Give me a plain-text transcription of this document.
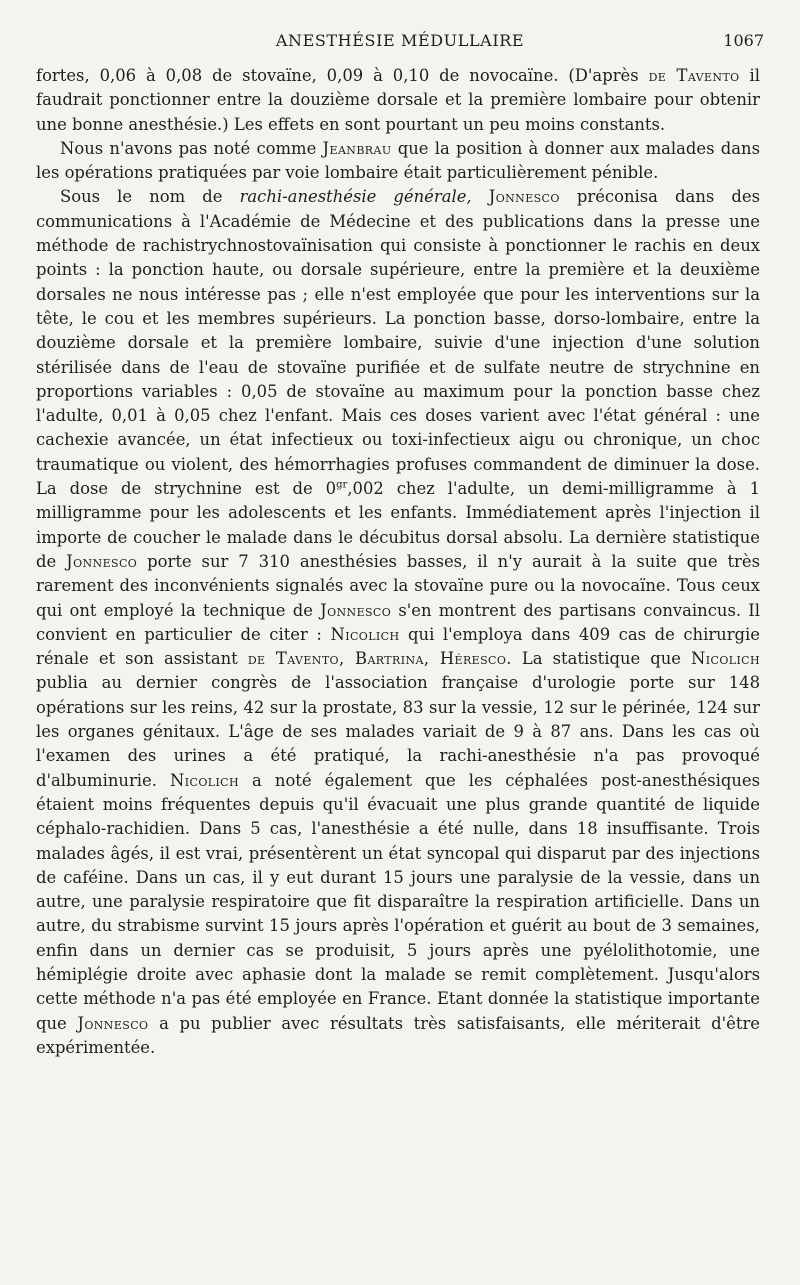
ANESTHÉSIE MÉDULLAIRE	1067

fortes, 0,06 à 0,08 de stovaïne, 0,09 à 0,10 de novocaïne. (D'après de Tavento il faudrait ponctionner entre la douzième dorsale et la première lombaire pour obtenir une bonne anesthésie.) Les effets en sont pourtant un peu moins constants.

Nous n'avons pas noté comme Jeanbrau que la position à donner aux malades dans les opérations pratiquées par voie lombaire était particulièrement pénible.

Sous le nom de rachi-anesthésie générale, Jonnesco préconisa dans des communications à l'Académie de Médecine et des publications dans la presse une méthode de rachistrychnostovaïnisation qui consiste à ponctionner le rachis en deux points : la ponction haute, ou dorsale supérieure, entre la première et la deuxième dorsales ne nous intéresse pas ; elle n'est employée que pour les interventions sur la tête, le cou et les membres supérieurs. La ponction basse, dorso-lombaire, entre la douzième dorsale et la première lombaire, suivie d'une injection d'une solution stérilisée dans de l'eau de stovaïne purifiée et de sulfate neutre de strychnine en proportions variables : 0,05 de stovaïne au maximum pour la ponction basse chez l'adulte, 0,01 à 0,05 chez l'enfant. Mais ces doses varient avec l'état général : une cachexie avancée, un état infectieux ou toxi-infectieux aigu ou chronique, un choc traumatique ou violent, des hémorrhagies profuses commandent de diminuer la dose. La dose de strychnine est de $0^{gr},002$ chez l'adulte, un demi-milligramme à 1 milligramme pour les adolescents et les enfants. Immédiatement après l'injection il importe de coucher le malade dans le décubitus dorsal absolu. La dernière statistique de Jonnesco porte sur 7 310 anesthésies basses, il n'y aurait à la suite que très rarement des inconvénients signalés avec la stovaïne pure ou la novocaïne. Tous ceux qui ont employé la technique de Jonnesco s'en montrent des partisans convaincus. Il convient en particulier de citer : Nicolich qui l'employa dans 409 cas de chirurgie rénale et son assistant de Tavento, Bartrina, Héresco. La statistique que Nicolich publia au dernier congrès de l'association française d'urologie porte sur 148 opérations sur les reins, 42 sur la prostate, 83 sur la vessie, 12 sur le périnée, 124 sur les organes génitaux. L'âge de ses malades variait de 9 à 87 ans. Dans les cas où l'examen des urines a été pratiqué, la rachi-anesthésie n'a pas provoqué d'albuminurie. Nicolich a noté également que les céphalées post-anesthésiques étaient moins fréquentes depuis qu'il évacuait une plus grande quantité de liquide céphalo-rachidien. Dans 5 cas, l'anesthésie a été nulle, dans 18 insuffisante. Trois malades âgés, il est vrai, présentèrent un état syncopal qui disparut par des injections de caféine. Dans un cas, il y eut durant 15 jours une paralysie de la vessie, dans un autre, une paralysie respiratoire que fit disparaître la respiration artificielle. Dans un autre, du strabisme survint 15 jours après l'opération et guérit au bout de 3 semaines, enfin dans un dernier cas se produisit, 5 jours après une pyélolithotomie, une hémiplégie droite avec aphasie dont la malade se remit complètement. Jusqu'alors cette méthode n'a pas été employée en France. Etant donnée la statistique importante que Jonnesco a pu publier avec résultats très satisfaisants, elle mériterait d'être expérimentée.
